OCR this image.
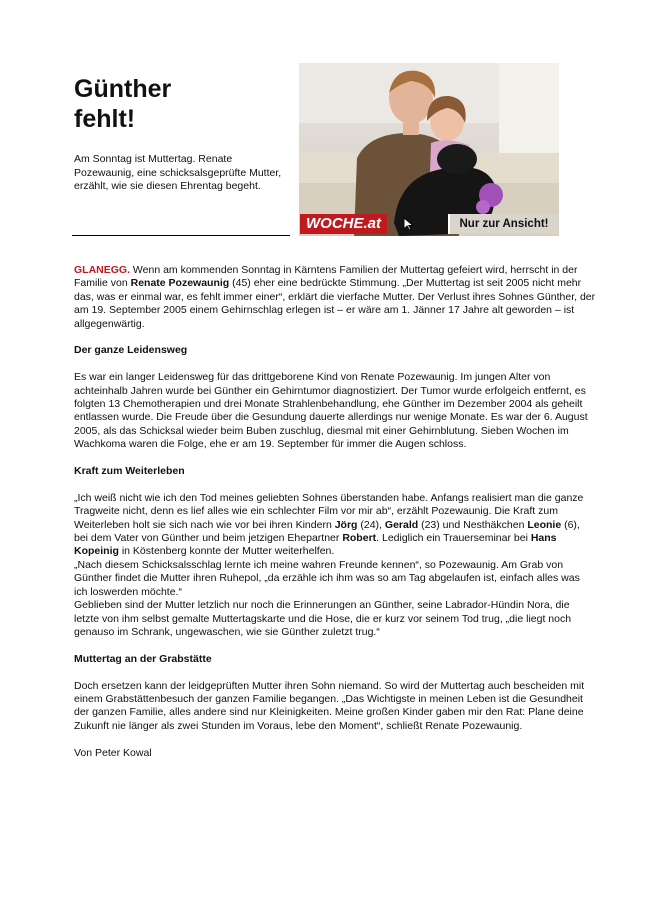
Günther
fehlt!

Am Sonntag ist Muttertag. Renate Pozewaunig, eine schicksalsgeprüfte Mutter, erzählt, wie sie diesen Ehrentag begeht.

WOCHE.at	Nur zur Ansicht!

GLANEGG. Wenn am kommenden Sonntag in Kärntens Familien der Muttertag gefeiert wird, herrscht in der Familie von Renate Pozewaunig (45) eher eine bedrückte Stimmung. „Der Muttertag ist seit 2005 nicht mehr das, was er einmal war, es fehlt immer einer“, erklärt die vierfache Mutter. Der Verlust ihres Sohnes Günther, der am 19. September 2005 einem Gehirnschlag erlegen ist – er wäre am 1. Jänner 17 Jahre alt geworden – ist allgegenwärtig.

Der ganze Leidensweg

Es war ein langer Leidensweg für das drittgeborene Kind von Renate Pozewaunig. Im jungen Alter von achteinhalb Jahren wurde bei Günther ein Gehirntumor diagnostiziert. Der Tumor wurde erfolgeich entfernt, es folgten 13 Chemotherapien und drei Monate Strahlenbehandlung, ehe Günther im Dezember 2004 als geheilt entlassen wurde. Die Freude über die Gesundung dauerte allerdings nur wenige Monate. Es war der 6. August 2005, als das Schicksal wieder beim Buben zuschlug, diesmal mit einer Gehirnblutung. Sieben Wochen im Wachkoma waren die Folge, ehe er am 19. September für immer die Augen schloss.

Kraft zum Weiterleben
„Ich weiß nicht wie ich den Tod meines geliebten Sohnes überstanden habe. Anfangs realisiert man die ganze Tragweite nicht, denn es lief alles wie ein schlechter Film vor mir ab“, erzählt Pozewaunig. Die Kraft zum Weiterleben holt sie sich nach wie vor bei ihren Kindern Jörg (24), Gerald (23) und Nesthäkchen Leonie (6), bei dem Vater von Günther und beim jetzigen Ehepartner Robert. Lediglich ein Trauerseminar bei Hans Kopeinig in Köstenberg konnte der Mutter weiterhelfen.
„Nach diesem Schicksalsschlag lernte ich meine wahren Freunde kennen“, so Pozewaunig. Am Grab von Günther findet die Mutter ihren Ruhepol, „da erzähle ich ihm was so am Tag abgelaufen ist, einfach alles was ich loswerden möchte.“

Geblieben sind der Mutter letzlich nur noch die Erinnerungen an Günther, seine Labrador-Hündin Nora, die letzte von ihm selbst gemalte Muttertagskarte und die Hose, die er kurz vor seinem Tod trug, „die liegt noch genauso im Schrank, ungewaschen, wie sie Günther zuletzt trug.“

Muttertag an der Grabstätte

Doch ersetzen kann der leidgeprüften Mutter ihren Sohn niemand. So wird der Muttertag auch bescheiden mit einem Grabstättenbesuch der ganzen Familie begangen. „Das Wichtigste in meinen Leben ist die Gesundheit der ganzen Familie, alles andere sind nur Kleinigkeiten. Meine großen Kinder gaben mir den Rat: Plane deine Zukunft nie länger als zwei Stunden im Voraus, lebe den Moment“, schließt Renate Pozewaunig.

Von Peter Kowal
